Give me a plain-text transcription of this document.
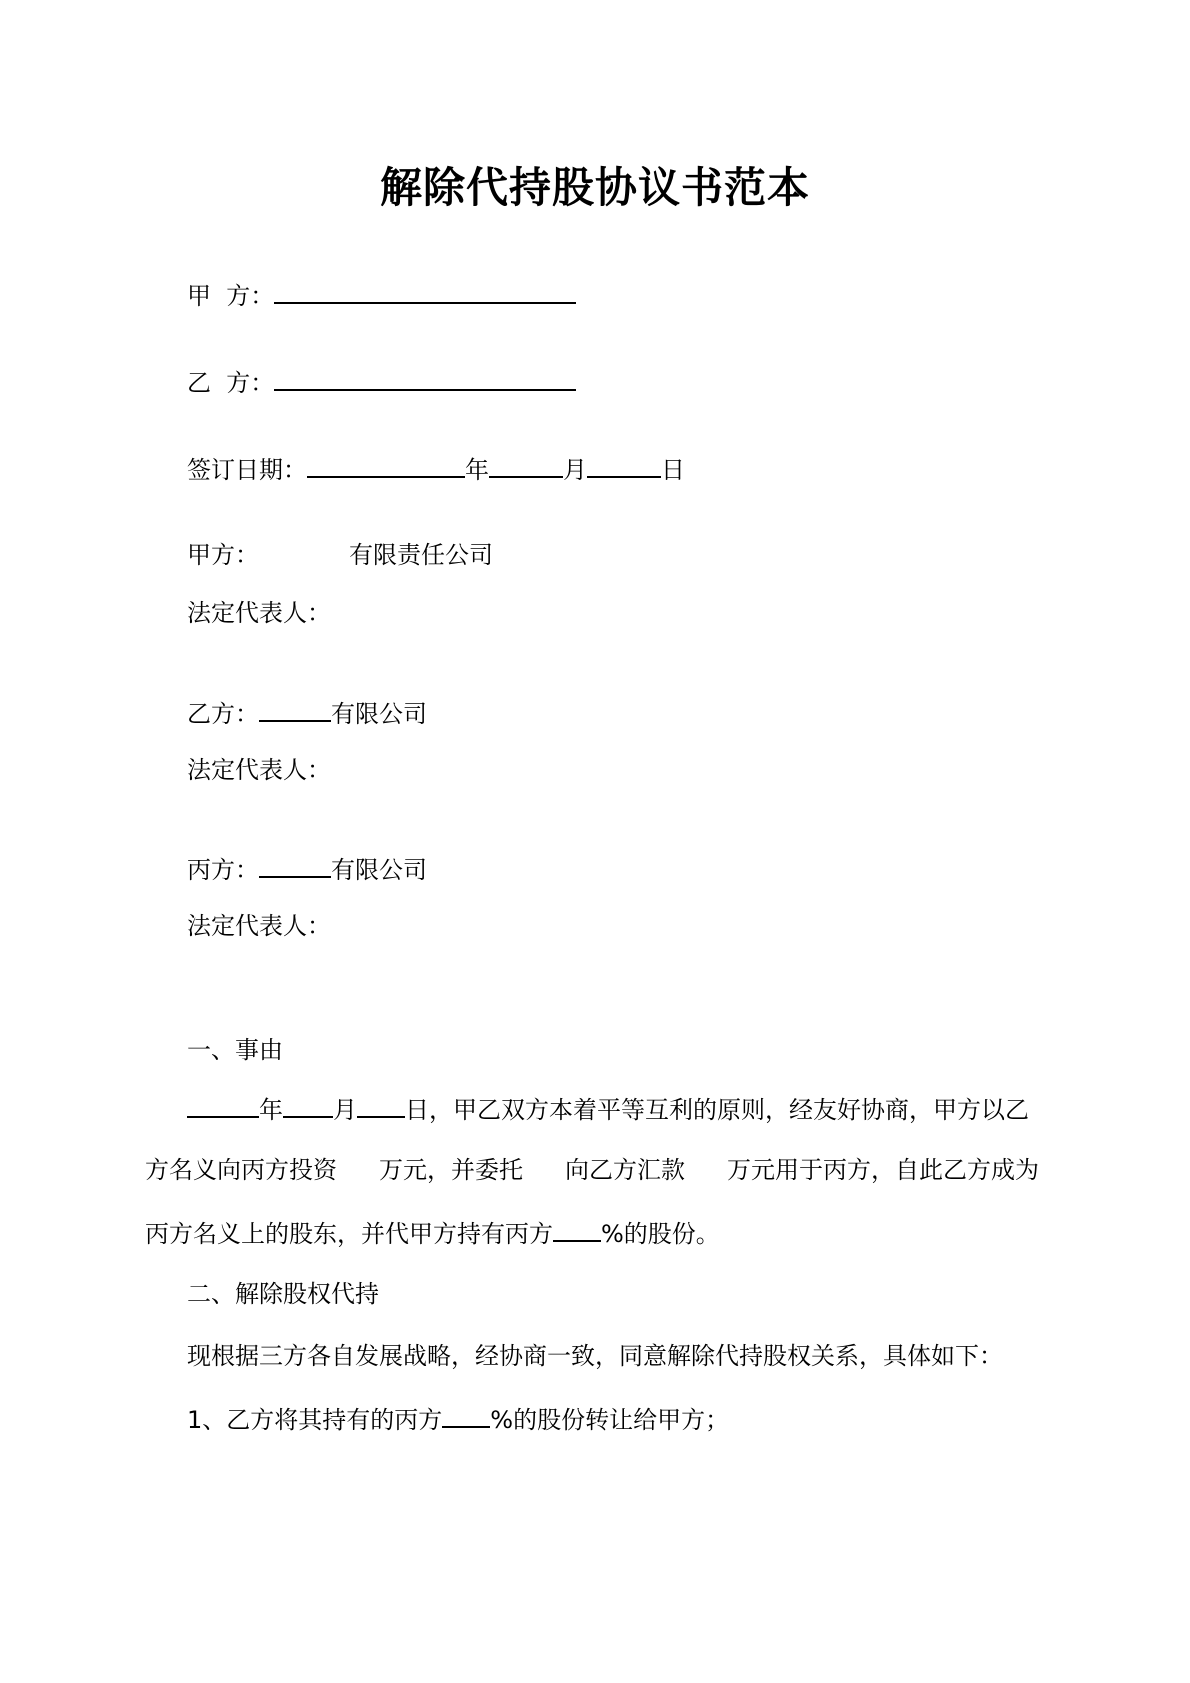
解除代持股协议书范本
甲  方：
乙  方：
签订日期：	年	月	日
甲方：	有限责任公司
法定代表人：
乙方：	有限公司
法定代表人：
丙方：	有限公司
法定代表人：
一、事由
年 月 日，甲乙双方本着平等互利的原则，经友好协商，甲方以乙
方名义向丙方投资 万元，并委托 向乙方汇款 万元用于丙方，自此乙方成为
丙方名义上的股东，并代甲方持有丙方 %的股份。
二、解除股权代持
现根据三方各自发展战略，经协商一致，同意解除代持股权关系，具体如下：
1、乙方将其持有的丙方 %的股份转让给甲方；
